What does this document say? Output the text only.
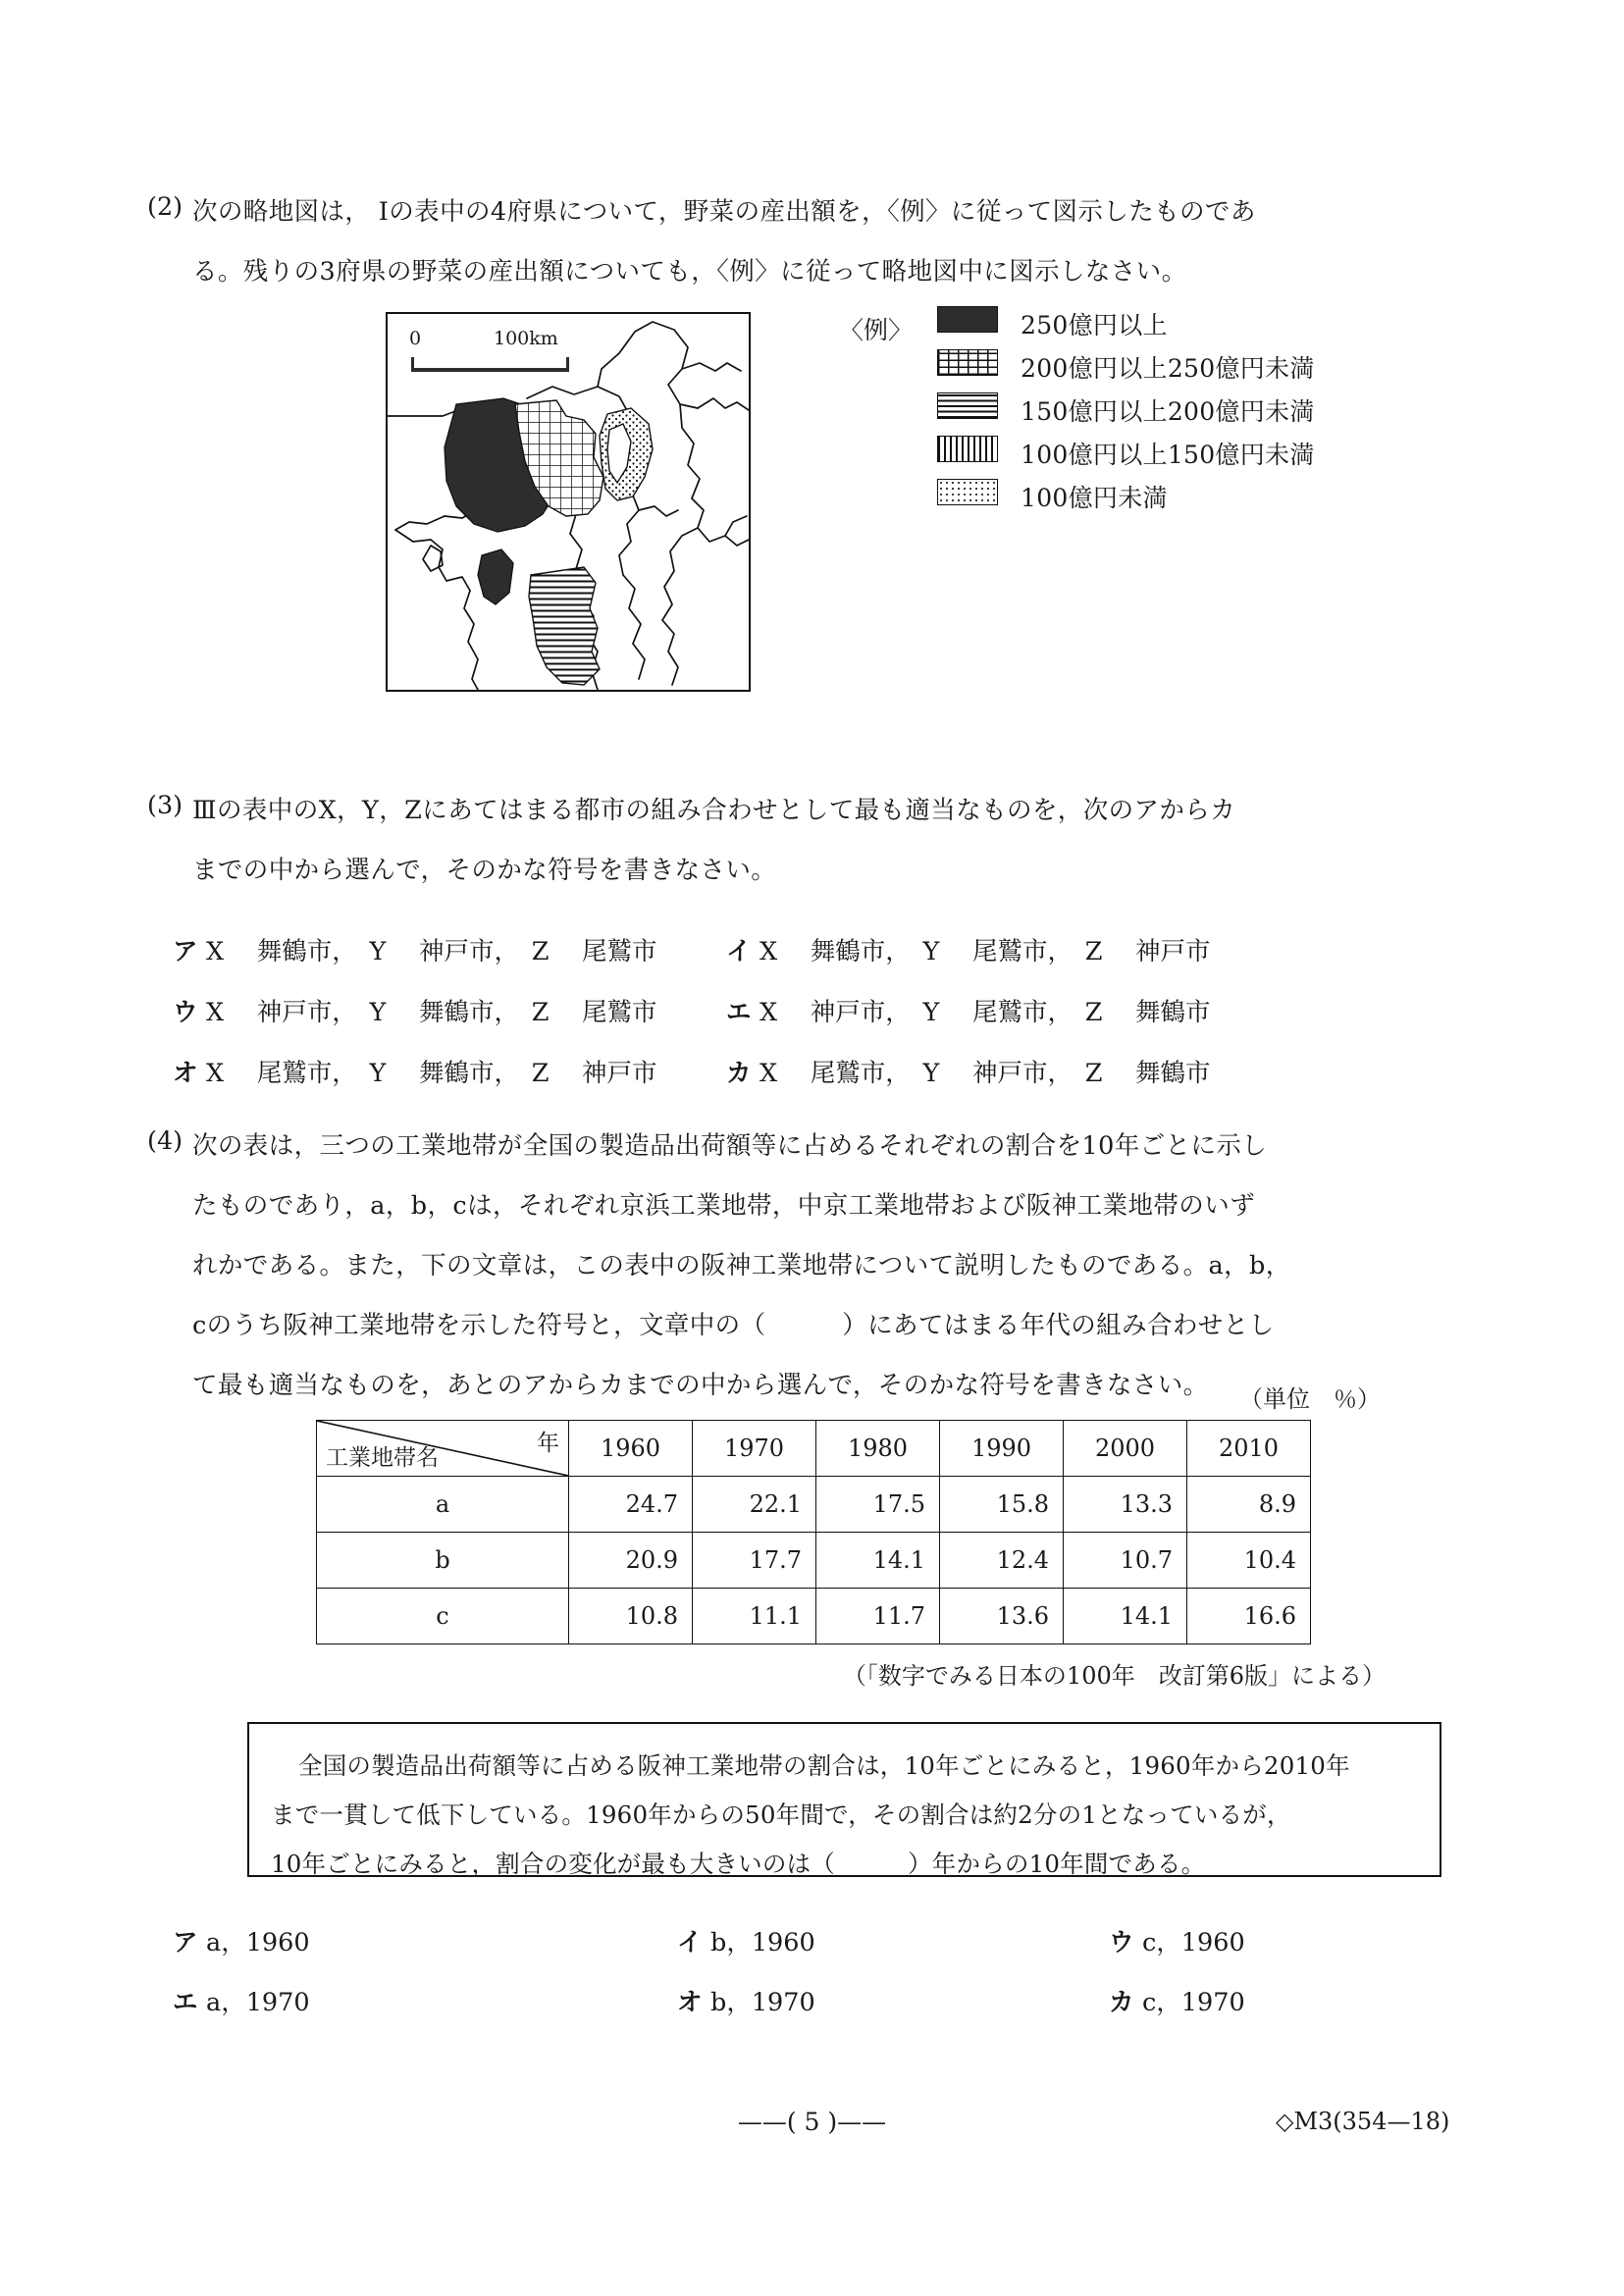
(2) 次の略地図は， Ⅰの表中の4府県について，野菜の産出額を，〈例〉に従って図示したものであ
る。残りの3府県の野菜の産出額についても，〈例〉に従って略地図中に図示しなさい。
0	100km	〈例〉	250億円以上
200億円以上250億円未満
150億円以上200億円未満
100億円以上150億円未満
100億円未満
(3) Ⅲの表中のX，Y，Zにあてはまる都市の組み合わせとして最も適当なものを，次のアからカ
までの中から選んで，そのかな符号を書きなさい。
ア X 　舞鶴市，　Y 　神戸市，　Z 　尾鷲市	イ X 　舞鶴市，　Y 　尾鷲市，　Z 　神戸市
ウ X 　神戸市，　Y 　舞鶴市，　Z 　尾鷲市	エ X 　神戸市，　Y 　尾鷲市，　Z 　舞鶴市
オ X 　尾鷲市，　Y 　舞鶴市，　Z 　神戸市	カ X 　尾鷲市，　Y 　神戸市，　Z 　舞鶴市
(4) 次の表は，三つの工業地帯が全国の製造品出荷額等に占めるそれぞれの割合を10年ごとに示し
たものであり，a，b，cは，それぞれ京浜工業地帯，中京工業地帯および阪神工業地帯のいず
れかである。また，下の文章は，この表中の阪神工業地帯について説明したものである。a，b，
cのうち阪神工業地帯を示した符号と，文章中の（　　　）にあてはまる年代の組み合わせとし
て最も適当なものを，あとのアからカまでの中から選んで，そのかな符号を書きなさい。 （単位　％）
年
工業地帯名	1960	1970	1980	1990	2000	2010
a	24.7	22.1	17.5	15.8	13.3	8.9
b	20.9	17.7	14.1	12.4	10.7	10.4
c	10.8	11.1	11.7	13.6	14.1	16.6
（「数字でみる日本の100年　改訂第6版」による）
全国の製造品出荷額等に占める阪神工業地帯の割合は，10年ごとにみると，1960年から2010年
まで一貫して低下している。1960年からの50年間で，その割合は約2分の1となっているが，
10年ごとにみると，割合の変化が最も大きいのは（　　　）年からの10年間である。
ア a，1960	イ b，1960	ウ c，1960
エ a，1970	オ b，1970	カ c，1970
——( 5 )——	◇M3(354—18)
